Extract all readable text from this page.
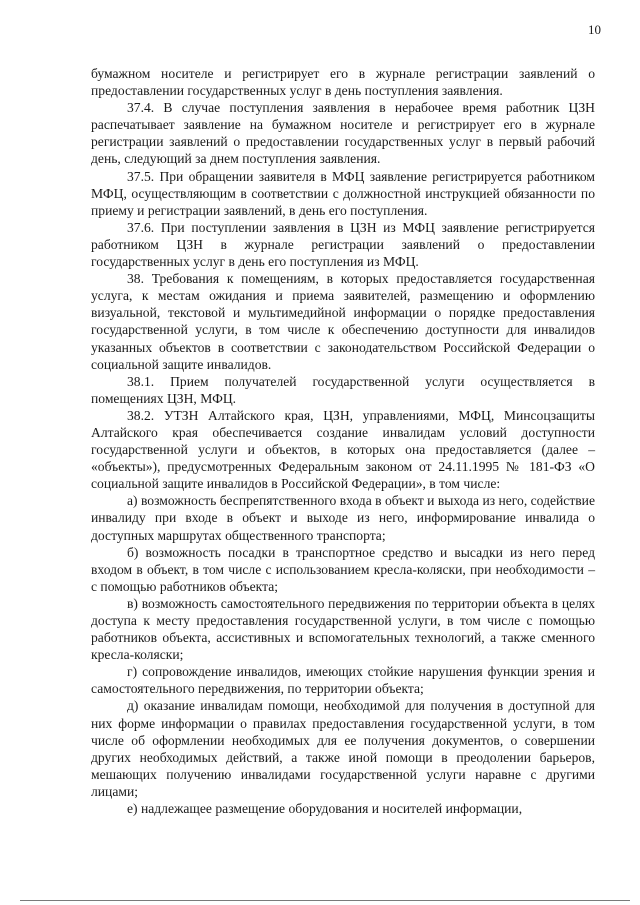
10

бумажном носителе и регистрирует его в журнале регистрации заявлений о предоставлении государственных услуг в день поступления заявления.

37.4. В случае поступления заявления в нерабочее время работник ЦЗН распечатывает заявление на бумажном носителе и регистрирует его в журнале регистрации заявлений о предоставлении государственных услуг в первый рабочий день, следующий за днем поступления заявления.

37.5. При обращении заявителя в МФЦ заявление регистрируется работником МФЦ, осуществляющим в соответствии с должностной инструкцией обязанности по приему и регистрации заявлений, в день его поступления.

37.6. При поступлении заявления в ЦЗН из МФЦ заявление регистрируется работником ЦЗН в журнале регистрации заявлений о предоставлении государственных услуг в день его поступления из МФЦ.

38. Требования к помещениям, в которых предоставляется государственная услуга, к местам ожидания и приема заявителей, размещению и оформлению визуальной, текстовой и мультимедийной информации о порядке предоставления государственной услуги, в том числе к обеспечению доступности для инвалидов указанных объектов в соответствии с законодательством Российской Федерации о социальной защите инвалидов.

38.1. Прием получателей государственной услуги осуществляется в помещениях ЦЗН, МФЦ.

38.2. УТЗН Алтайского края, ЦЗН, управлениями, МФЦ, Минсоцзащиты Алтайского края обеспечивается создание инвалидам условий доступности государственной услуги и объектов, в которых она предоставляется (далее – «объекты»), предусмотренных Федеральным законом от 24.11.1995 № 181-ФЗ «О социальной защите инвалидов в Российской Федерации», в том числе:

а) возможность беспрепятственного входа в объект и выхода из него, содействие инвалиду при входе в объект и выходе из него, информирование инвалида о доступных маршрутах общественного транспорта;

б) возможность посадки в транспортное средство и высадки из него перед входом в объект, в том числе с использованием кресла-коляски, при необходимости – с помощью работников объекта;

в) возможность самостоятельного передвижения по территории объекта в целях доступа к месту предоставления государственной услуги, в том числе с помощью работников объекта, ассистивных и вспомогательных технологий, а также сменного кресла-коляски;

г) сопровождение инвалидов, имеющих стойкие нарушения функции зрения и самостоятельного передвижения, по территории объекта;

д) оказание инвалидам помощи, необходимой для получения в доступной для них форме информации о правилах предоставления государственной услуги, в том числе об оформлении необходимых для ее получения документов, о совершении других необходимых действий, а также иной помощи в преодолении барьеров, мешающих получению инвалидами государственной услуги наравне с другими лицами;

е) надлежащее размещение оборудования и носителей информации,
